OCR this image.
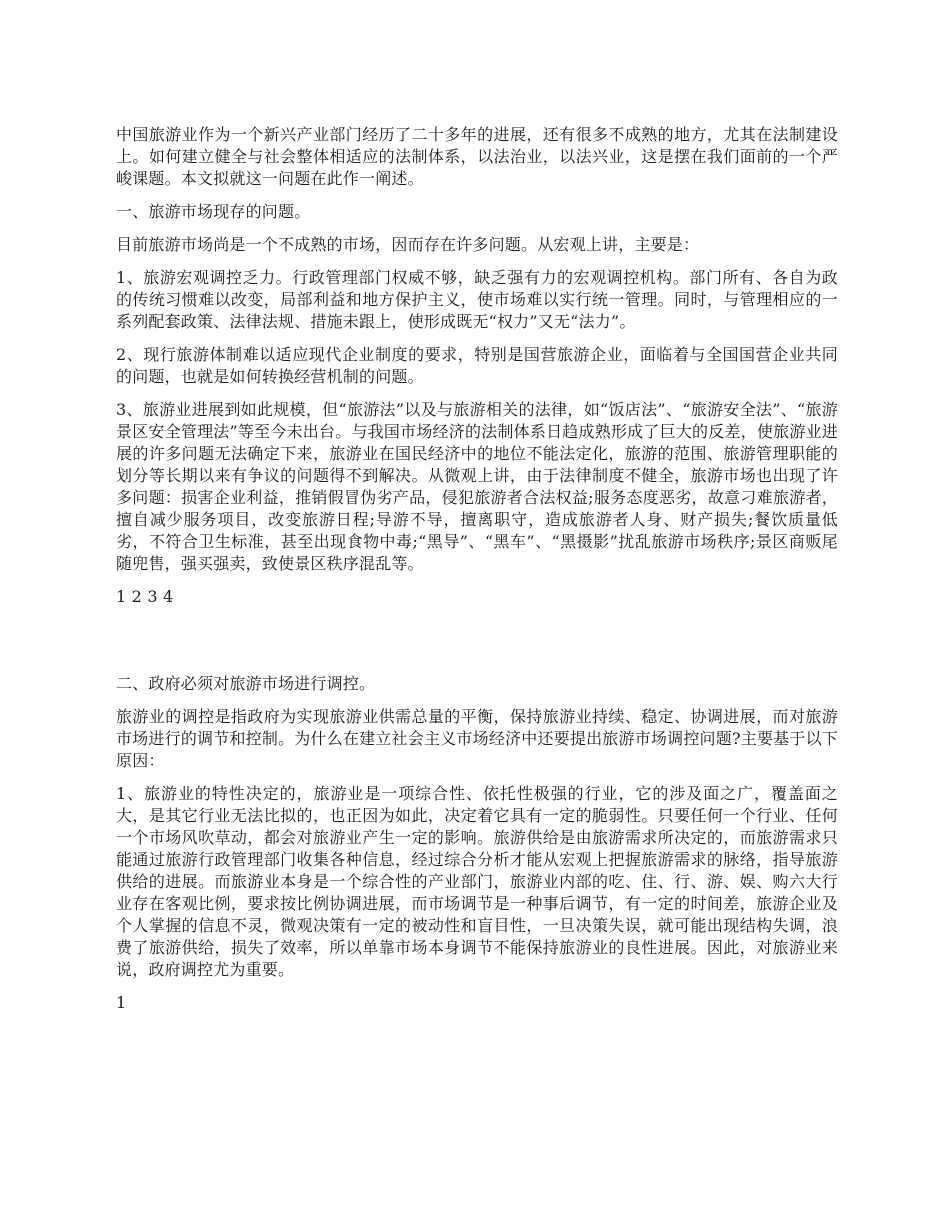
中国旅游业作为一个新兴产业部门经历了二十多年的进展，还有很多不成熟的地方，尤其在法制建设上。如何建立健全与社会整体相适应的法制体系，以法治业，以法兴业，这是摆在我们面前的一个严峻课题。本文拟就这一问题在此作一阐述。

一、旅游市场现存的问题。

目前旅游市场尚是一个不成熟的市场，因而存在许多问题。从宏观上讲，主要是：

1、旅游宏观调控乏力。行政管理部门权威不够，缺乏强有力的宏观调控机构。部门所有、各自为政的传统习惯难以改变，局部利益和地方保护主义，使市场难以实行统一管理。同时，与管理相应的一系列配套政策、法律法规、措施未跟上，使形成既无“权力”又无“法力”。

2、现行旅游体制难以适应现代企业制度的要求，特别是国营旅游企业，面临着与全国国营企业共同的问题，也就是如何转换经营机制的问题。

3、旅游业进展到如此规模，但“旅游法”以及与旅游相关的法律，如“饭店法”、“旅游安全法”、“旅游景区安全管理法”等至今未出台。与我国市场经济的法制体系日趋成熟形成了巨大的反差，使旅游业进展的许多问题无法确定下来，旅游业在国民经济中的地位不能法定化，旅游的范围、旅游管理职能的划分等长期以来有争议的问题得不到解决。从微观上讲，由于法律制度不健全，旅游市场也出现了许多问题：损害企业利益，推销假冒伪劣产品，侵犯旅游者合法权益;服务态度恶劣，故意刁难旅游者，擅自减少服务项目，改变旅游日程;导游不导，擅离职守，造成旅游者人身、财产损失;餐饮质量低劣，不符合卫生标准，甚至出现食物中毒;“黑导”、“黑车”、“黑摄影”扰乱旅游市场秩序;景区商贩尾随兜售，强买强卖，致使景区秩序混乱等。

1 2 3 4

二、政府必须对旅游市场进行调控。

旅游业的调控是指政府为实现旅游业供需总量的平衡，保持旅游业持续、稳定、协调进展，而对旅游市场进行的调节和控制。为什么在建立社会主义市场经济中还要提出旅游市场调控问题?主要基于以下原因：

1、旅游业的特性决定的，旅游业是一项综合性、依托性极强的行业，它的涉及面之广，覆盖面之大，是其它行业无法比拟的，也正因为如此，决定着它具有一定的脆弱性。只要任何一个行业、任何一个市场风吹草动，都会对旅游业产生一定的影响。旅游供给是由旅游需求所决定的，而旅游需求只能通过旅游行政管理部门收集各种信息，经过综合分析才能从宏观上把握旅游需求的脉络，指导旅游供给的进展。而旅游业本身是一个综合性的产业部门，旅游业内部的吃、住、行、游、娱、购六大行业存在客观比例，要求按比例协调进展，而市场调节是一种事后调节，有一定的时间差，旅游企业及个人掌握的信息不灵，微观决策有一定的被动性和盲目性，一旦决策失误，就可能出现结构失调，浪费了旅游供给，损失了效率，所以单靠市场本身调节不能保持旅游业的良性进展。因此，对旅游业来说，政府调控尤为重要。

1
